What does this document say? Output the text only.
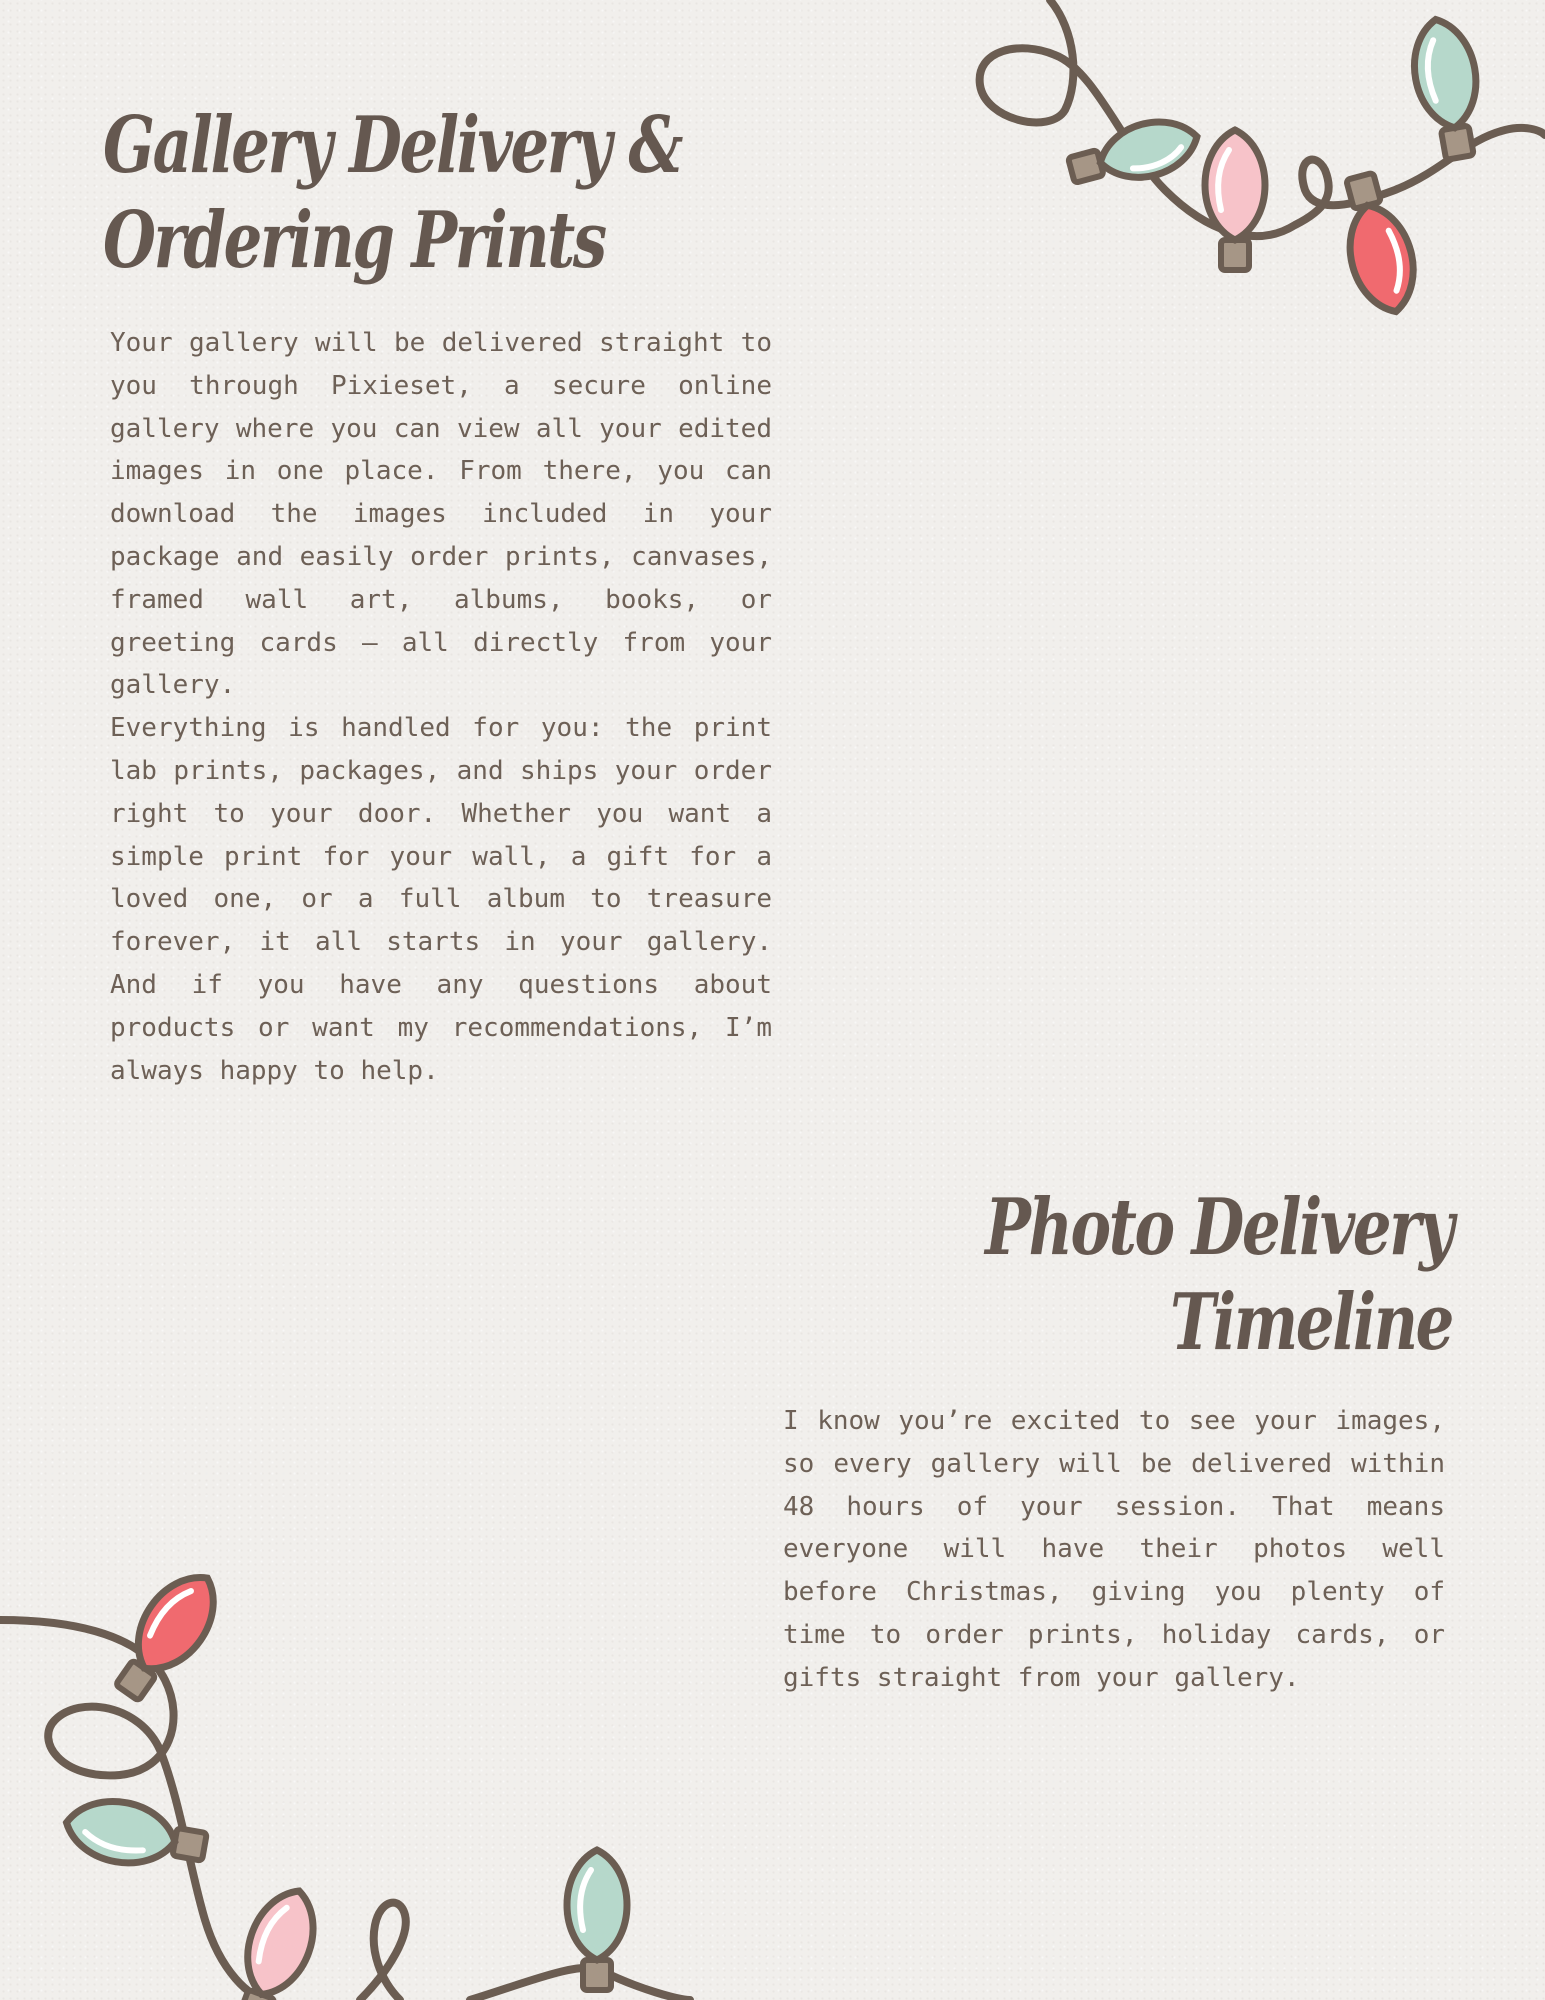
Gallery Delivery &
Ordering Prints

Your gallery will be delivered straight to you through Pixieset, a secure online gallery where you can view all your edited images in one place. From there, you can download the images included in your package and easily order prints, canvases, framed wall art, albums, books, or greeting cards — all directly from your gallery.

Everything is handled for you: the print lab prints, packages, and ships your order right to your door. Whether you want a simple print for your wall, a gift for a loved one, or a full album to treasure forever, it all starts in your gallery. And if you have any questions about products or want my recommendations, I’m always happy to help.

Photo Delivery
Timeline

I know you’re excited to see your images, so every gallery will be delivered within 48 hours of your session. That means everyone will have their photos well before Christmas, giving you plenty of time to order prints, holiday cards, or gifts straight from your gallery.
